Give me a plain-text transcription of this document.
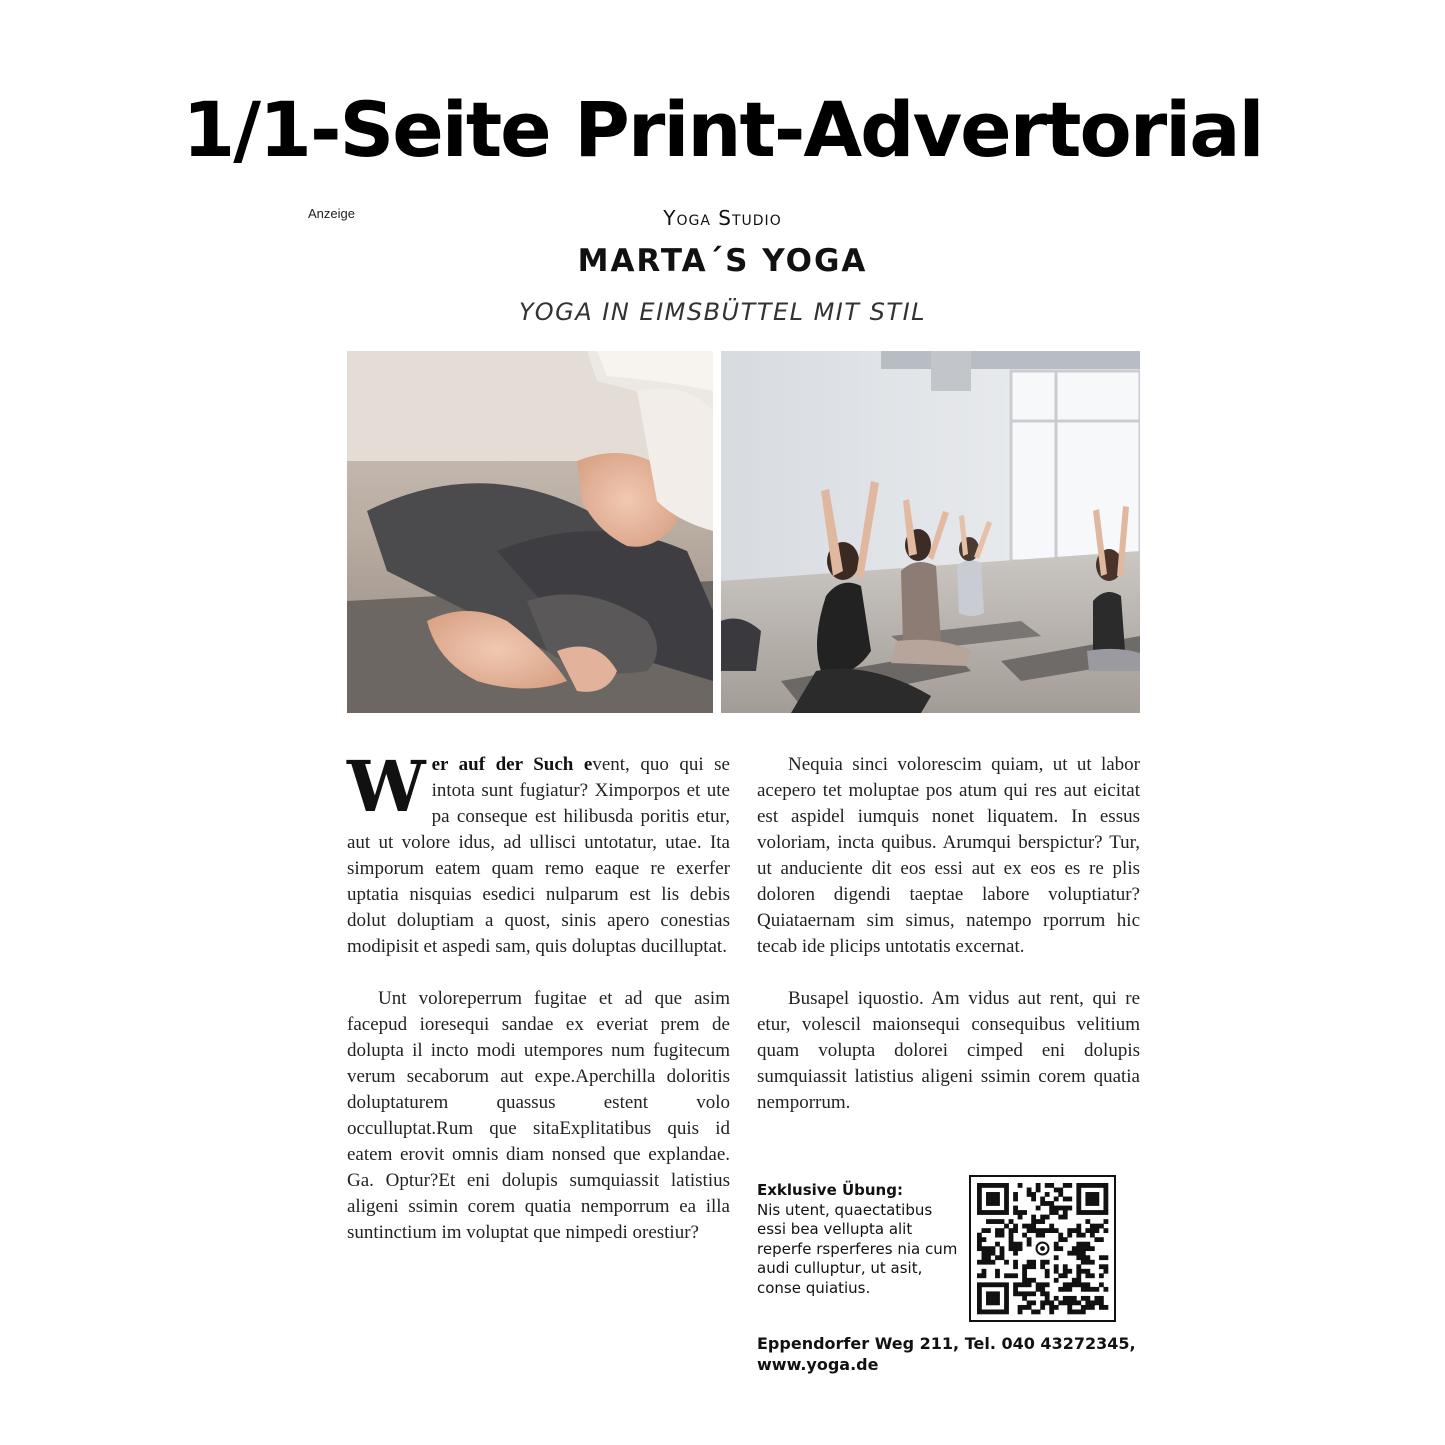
1/1-Seite Print-Advertorial
Anzeige	Yoga Studio
MARTA´S YOGA
YOGA IN EIMSBÜTTEL MIT STIL

Wer auf der Such event, quo qui se intota sunt fugiatur? Ximporpos et ute pa conseque est hilibusda poritis etur, aut ut volore idus, ad ullisci untotatur, utae. Ita simporum eatem quam remo eaque re exerfer uptatia nisquias esedici nulparum est lis debis dolut doluptiam a quost, sinis apero conestias modipisit et aspedi sam, quis doluptas ducilluptat.

Unt voloreperrum fugitae et ad que asim facepud ioresequi sandae ex everiat prem de dolupta il incto modi utempores num fugitecum verum secaborum aut expe.Aperchilla doloritis doluptaturem quassus estent volo occulluptat.Rum que sitaExplitatibus quis id eatem erovit omnis diam nonsed que explandae. Ga. Optur?Et eni dolupis sumquiassit latistius aligeni ssimin corem quatia nemporrum ea illa suntinctium im voluptat que nimpedi orestiur?

Nequia sinci volorescim quiam, ut ut labor acepero tet moluptae pos atum qui res aut eicitat est aspidel iumquis nonet liquatem. In essus voloriam, incta quibus. Arumqui berspictur? Tur, ut anduciente dit eos essi aut ex eos es re plis doloren digendi taeptae labore voluptiatur? Quiataernam sim simus, natempo rporrum hic tecab ide plicips untotatis excernat.

Busapel iquostio. Am vidus aut rent, qui re etur, volescil maionsequi consequibus velitium quam volupta dolorei cimped eni dolupis sumquiassit latistius aligeni ssimin corem quatia nemporrum.

Exklusive Übung:
Nis utent, quaectatibus essi bea vellupta alit reperfe rsperferes nia cum audi culluptur, ut asit, conse quiatius.
Eppendorfer Weg 211, Tel. 040 43272345, www.yoga.de
